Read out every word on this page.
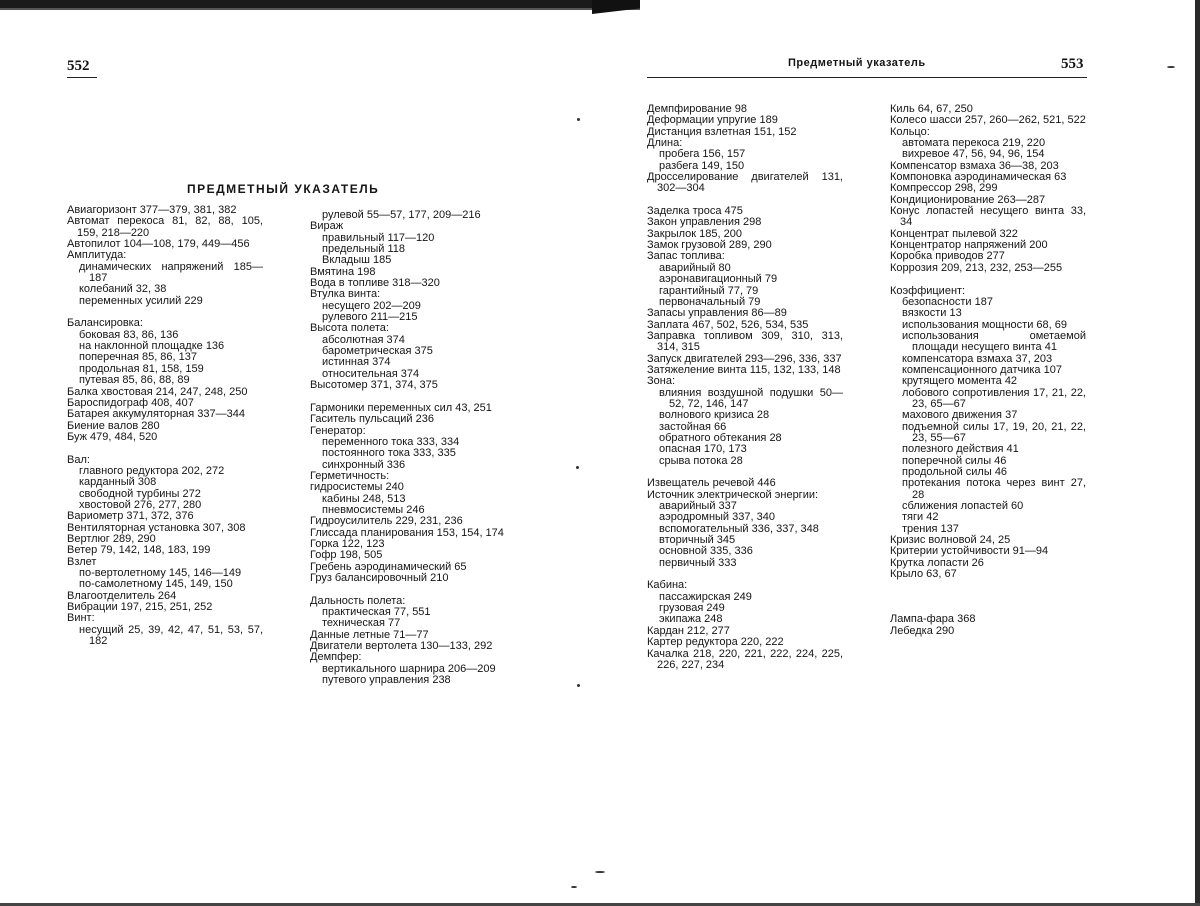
552
ПРЕДМЕТНЫЙ УКАЗАТЕЛЬ
Авиагоризонт 377—379, 381, 382
Автомат перекоса 81, 82, 88, 105, 159, 218—220
Автопилот 104—108, 179, 449—456
Амплитуда:
динамических напряжений 185—187
колебаний 32, 38
переменных усилий 229
Балансировка:
боковая 83, 86, 136
на наклонной площадке 136
поперечная 85, 86, 137
продольная 81, 158, 159
путевая 85, 86, 88, 89
Балка хвостовая 214, 247, 248, 250
Бароспидограф 408, 407
Батарея аккумуляторная 337—344
Биение валов 280
Буж 479, 484, 520
Вал:
главного редуктора 202, 272
карданный 308
свободной турбины 272
хвостовой 276, 277, 280
Вариометр 371, 372, 376
Вентиляторная установка 307, 308
Вертлюг 289, 290
Ветер 79, 142, 148, 183, 199
Взлет
по-вертолетному 145, 146—149
по-самолетному 145, 149, 150
Влагоотделитель 264
Вибрации 197, 215, 251, 252
Винт:
несущий 25, 39, 42, 47, 51, 53, 57, 182
рулевой 55—57, 177, 209—216
Вираж
правильный 117—120
предельный 118
Вкладыш 185
Вмятина 198
Вода в топливе 318—320
Втулка винта:
несущего 202—209
рулевого 211—215
Высота полета:
абсолютная 374
барометрическая 375
истинная 374
относительная 374
Высотомер 371, 374, 375
Гармоники переменных сил 43, 251
Гаситель пульсаций 236
Генератор:
переменного тока 333, 334
постоянного тока 333, 335
синхронный 336
Герметичность:
гидросистемы 240
кабины 248, 513
пневмосистемы 246
Гидроусилитель 229, 231, 236
Глиссада планирования 153, 154, 174
Горка 122, 123
Гофр 198, 505
Гребень аэродинамический 65
Груз балансировочный 210
Дальность полета:
практическая 77, 551
техническая 77
Данные летные 71—77
Двигатели вертолета 130—133, 292
Демпфер:
вертикального шарнира 206—209
путевого управления 238
Предметный указатель	553
Демпфирование 98
Деформации упругие 189
Дистанция взлетная 151, 152
Длина:
пробега 156, 157
разбега 149, 150
Дросселирование двигателей 131, 302—304
Заделка троса 475
Закон управления 298
Закрылок 185, 200
Замок грузовой 289, 290
Запас топлива:
аварийный 80
аэронавигационный 79
гарантийный 77, 79
первоначальный 79
Запасы управления 86—89
Заплата 467, 502, 526, 534, 535
Заправка топливом 309, 310, 313, 314, 315
Запуск двигателей 293—296, 336, 337
Затяжеление винта 115, 132, 133, 148
Зона:
влияния воздушной подушки 50—52, 72, 146, 147
волнового кризиса 28
застойная 66
обратного обтекания 28
опасная 170, 173
срыва потока 28
Извещатель речевой 446
Источник электрической энергии:
аварийный 337
аэродромный 337, 340
вспомогательный 336, 337, 348
вторичный 345
основной 335, 336
первичный 333
Кабина:
пассажирская 249
грузовая 249
экипажа 248
Кардан 212, 277
Картер редуктора 220, 222
Качалка 218, 220, 221, 222, 224, 225, 226, 227, 234
Киль 64, 67, 250
Колесо шасси 257, 260—262, 521, 522
Кольцо:
автомата перекоса 219, 220
вихревое 47, 56, 94, 96, 154
Компенсатор взмаха 36—38, 203
Компоновка аэродинамическая 63
Компрессор 298, 299
Кондиционирование 263—287
Конус лопастей несущего винта 33, 34
Концентрат пылевой 322
Концентратор напряжений 200
Коробка приводов 277
Коррозия 209, 213, 232, 253—255
Коэффициент:
безопасности 187
вязкости 13
использования мощности 68, 69
использования ометаемой площади несущего винта 41
компенсатора взмаха 37, 203
компенсационного датчика 107
крутящего момента 42
лобового сопротивления 17, 21, 22, 23, 65—67
махового движения 37
подъемной силы 17, 19, 20, 21, 22, 23, 55—67
полезного действия 41
поперечной силы 46
продольной силы 46
протекания потока через винт 27, 28
сближения лопастей 60
тяги 42
трения 137
Кризис волновой 24, 25
Критерии устойчивости 91—94
Крутка лопасти 26
Крыло 63, 67
Лампа-фара 368
Лебедка 290
